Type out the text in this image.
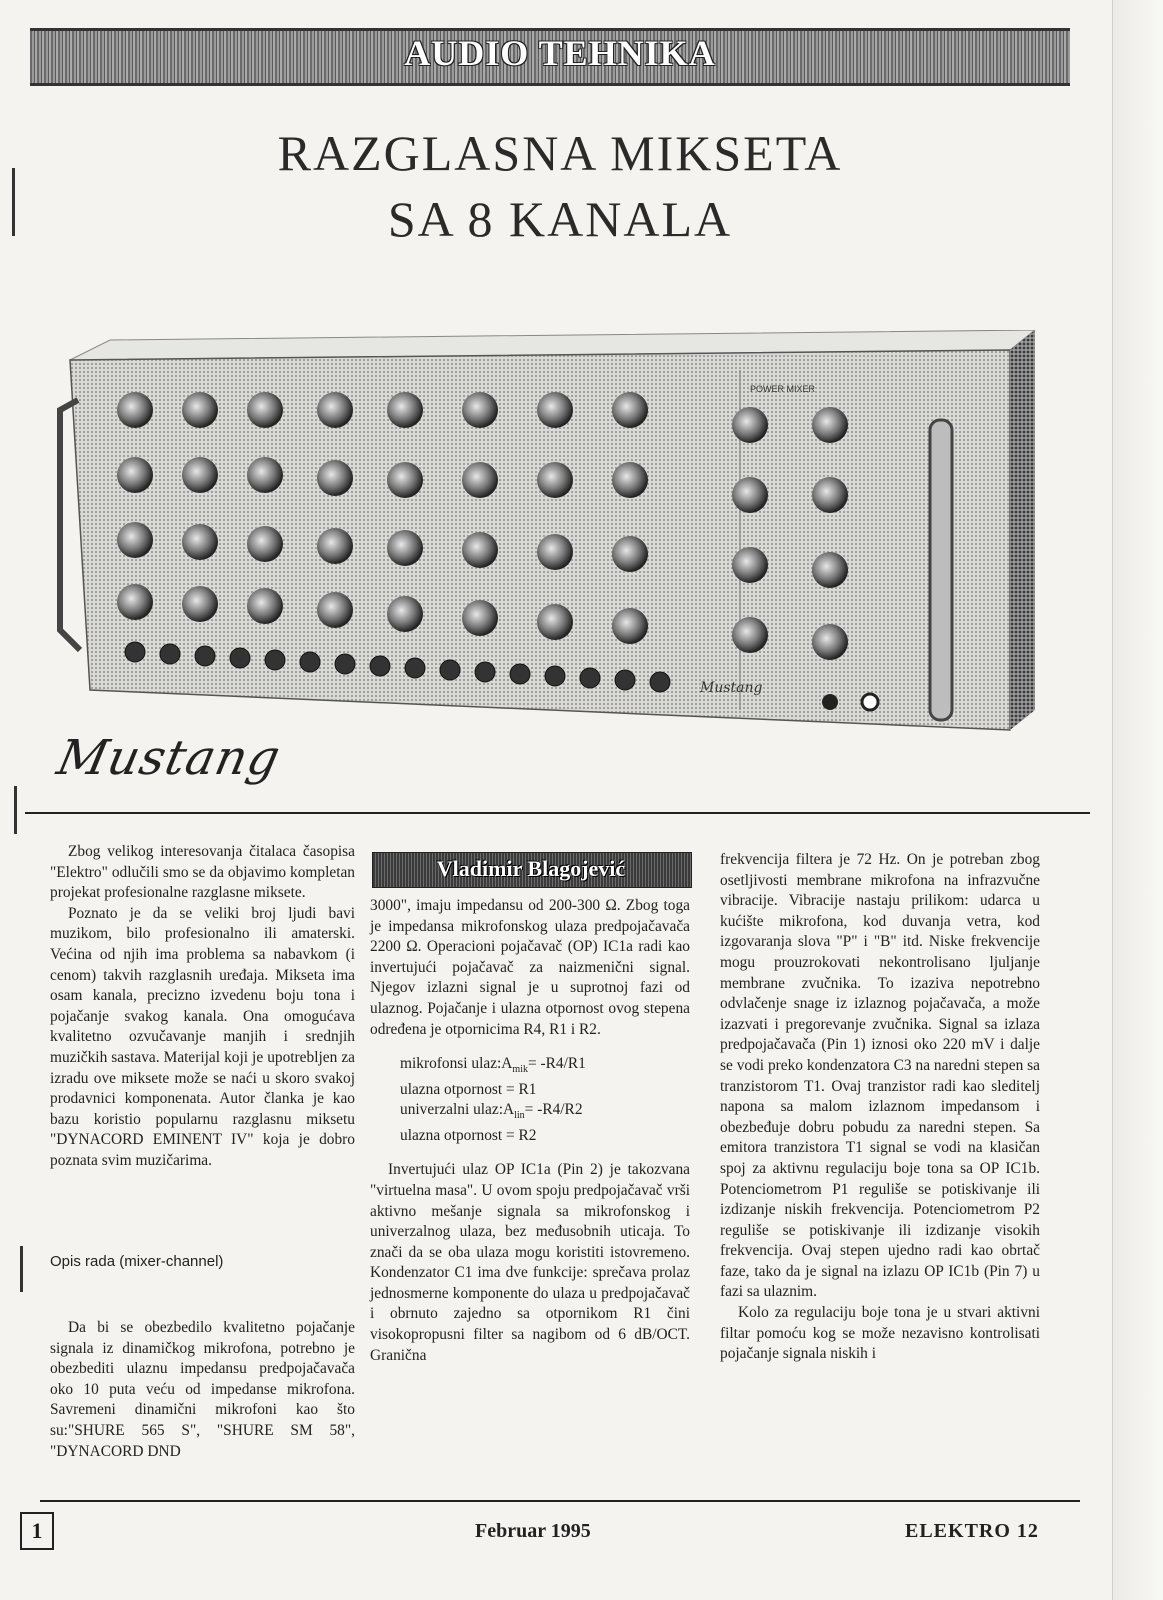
AUDIO TEHNIKA
RAZGLASNA MIKSETA
SA 8 KANALA
POWER MIXER
Mustang
Mustang

Zbog velikog interesovanja čitalaca časopisa "Elektro" odlučili smo se da objavimo kompletan projekat profesionalne razglasne miksete.

Poznato je da se veliki broj ljudi bavi muzikom, bilo profesionalno ili amaterski. Većina od njih ima problema sa nabavkom (i cenom) takvih razglasnih uređaja. Mikseta ima osam kanala, precizno izvedenu boju tona i pojačanje svakog kanala. Ona omogućava kvalitetno ozvučavanje manjih i srednjih muzičkih sastava. Materijal koji je upotrebljen za izradu ove miksete može se naći u skoro svakoj prodavnici komponenata. Autor članka je kao bazu koristio popularnu razglasnu miksetu "DYNACORD EMINENT IV" koja je dobro poznata svim muzičarima.

Opis rada (mixer-channel)

Da bi se obezbedilo kvalitetno pojačanje signala iz dinamičkog mikrofona, potrebno je obezbediti ulaznu impedansu predpojačavača oko 10 puta veću od impedanse mikrofona. Savremeni dinamični mikrofoni kao što su:"SHURE 565 S", "SHURE SM 58", "DYNACORD DND

Vladimir Blagojević

3000", imaju impedansu od 200-300 Ω. Zbog toga je impedansa mikrofonskog ulaza predpojačavača 2200 Ω. Operacioni pojačavač (OP) IC1a radi kao invertujući pojačavač za naizmenični signal. Njegov izlazni signal je u suprotnoj fazi od ulaznog. Pojačanje i ulazna otpornost ovog stepena određena je otpornicima R4, R1 i R2.

mikrofonsi $ulaz:A_{mik}= -R4/R1$
ulazna otpornost = R1
univerzalni $ulaz:A_{lin}= -R4/R2$
ulazna otpornost = R2

Invertujući ulaz OP IC1a (Pin 2) je takozvana "virtuelna masa". U ovom spoju predpojačavač vrši aktivno mešanje signala sa mikrofonskog i univerzalnog ulaza, bez međusobnih uticaja. To znači da se oba ulaza mogu koristiti istovremeno. Kondenzator C1 ima dve funkcije: sprečava prolaz jednosmerne komponente do ulaza u predpojačavač i obrnuto zajedno sa otpornikom R1 čini visokopropusni filter sa nagibom od 6 dB/OCT. Granična

frekvencija filtera je 72 Hz. On je potreban zbog osetljivosti membrane mikrofona na infrazvučne vibracije. Vibracije nastaju prilikom: udarca u kućište mikrofona, kod duvanja vetra, kod izgovaranja slova "P" i "B" itd. Niske frekvencije mogu prouzrokovati nekontrolisano ljuljanje membrane zvučnika. To izaziva nepotrebno odvlačenje snage iz izlaznog pojačavača, a može izazvati i pregorevanje zvučnika. Signal sa izlaza predpojačavača (Pin 1) iznosi oko 220 mV i dalje se vodi preko kondenzatora C3 na naredni stepen sa tranzistorom T1. Ovaj tranzistor radi kao sleditelj napona sa malom izlaznom impedansom i obezbeđuje dobru pobudu za naredni stepen. Sa emitora tranzistora T1 signal se vodi na klasičan spoj za aktivnu regulaciju boje tona sa OP IC1b. Potenciometrom P1 reguliše se potiskivanje ili izdizanje niskih frekvencija. Potenciometrom P2 reguliše se potiskivanje ili izdizanje visokih frekvencija. Ovaj stepen ujedno radi kao obrtač faze, tako da je signal na izlazu OP IC1b (Pin 7) u fazi sa ulaznim.

Kolo za regulaciju boje tona je u stvari aktivni filtar pomoću kog se može nezavisno kontrolisati pojačanje signala niskih i

1	Februar 1995	ELEKTRO 12
